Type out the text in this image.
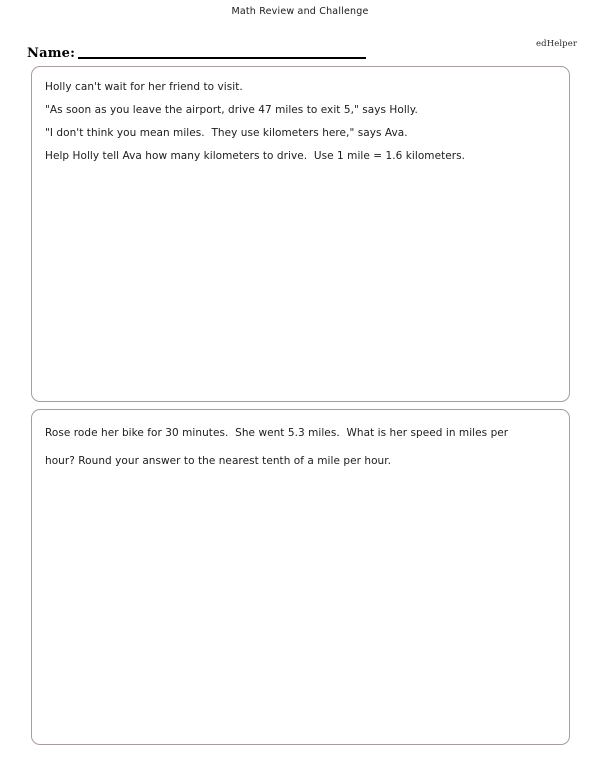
Math Review and Challenge
edHelper
Name:
Holly can't wait for her friend to visit.
"As soon as you leave the airport, drive 47 miles to exit 5," says Holly.
"I don't think you mean miles.  They use kilometers here," says Ava.
Help Holly tell Ava how many kilometers to drive.  Use 1 mile = 1.6 kilometers.
Rose rode her bike for 30 minutes.  She went 5.3 miles.  What is her speed in miles per
hour? Round your answer to the nearest tenth of a mile per hour.
